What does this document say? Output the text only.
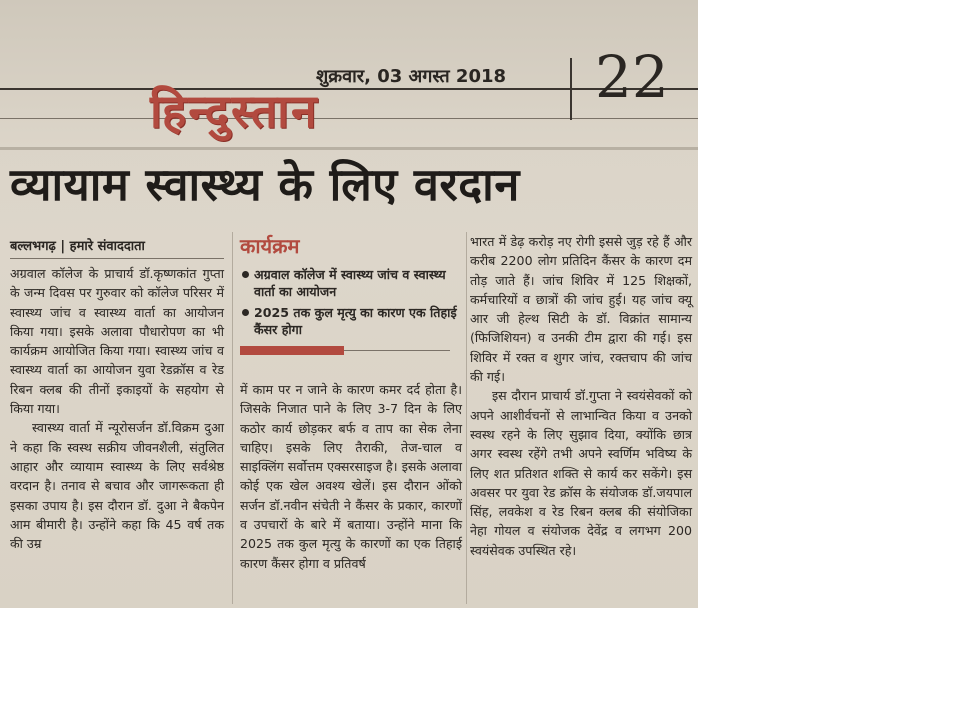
शुक्रवार, 03 अगस्त 2018 22
हिन्दुस्तान
व्यायाम स्वास्थ्य के लिए वरदान
बल्लभगढ़ | हमारे संवाददाता

अग्रवाल कॉलेज के प्राचार्य डॉ.कृष्णकांत गुप्ता के जन्म दिवस पर गुरुवार को कॉलेज परिसर में स्वास्थ्य जांच व स्वास्थ्य वार्ता का आयोजन किया गया। इसके अलावा पौधारोपण का भी कार्यक्रम आयोजित किया गया। स्वास्थ्य जांच व स्वास्थ्य वार्ता का आयोजन युवा रेडक्रॉस व रेड रिबन क्लब की तीनों इकाइयों के सहयोग से किया गया।

स्वास्थ्य वार्ता में न्यूरोसर्जन डॉ.विक्रम दुआ ने कहा कि स्वस्थ सक्रीय जीवनशैली, संतुलित आहार और व्यायाम स्वास्थ्य के लिए सर्वश्रेष्ठ वरदान है। तनाव से बचाव और जागरूकता ही इसका उपाय है। इस दौरान डॉ. दुआ ने बैकपेन आम बीमारी है। उन्होंने कहा कि 45 वर्ष तक की उम्र

कार्यक्रम
अग्रवाल कॉलेज में स्वास्थ्य जांच व स्वास्थ्य वार्ता का आयोजन
2025 तक कुल मृत्यु का कारण एक तिहाई कैंसर होगा

में काम पर न जाने के कारण कमर दर्द होता है। जिसके निजात पाने के लिए 3-7 दिन के लिए कठोर कार्य छोड़कर बर्फ व ताप का सेक लेना चाहिए। इसके लिए तैराकी, तेज-चाल व साइक्लिंग सर्वोत्तम एक्सरसाइज है। इसके अलावा कोई एक खेल अवश्य खेलें। इस दौरान ओंको सर्जन डॉ.नवीन संचेती ने कैंसर के प्रकार, कारणों व उपचारों के बारे में बताया। उन्होंने माना कि 2025 तक कुल मृत्यु के कारणों का एक तिहाई कारण कैंसर होगा व प्रतिवर्ष

भारत में डेढ़ करोड़ नए रोगी इससे जुड़ रहे हैं और करीब 2200 लोग प्रतिदिन कैंसर के कारण दम तोड़ जाते हैं। जांच शिविर में 125 शिक्षकों, कर्मचारियों व छात्रों की जांच हुई। यह जांच क्यू आर जी हेल्थ सिटी के डॉ. विक्रांत सामान्य (फिजिशियन) व उनकी टीम द्वारा की गई। इस शिविर में रक्त व शुगर जांच, रक्तचाप की जांच की गई।

इस दौरान प्राचार्य डॉ.गुप्ता ने स्वयंसेवकों को अपने आशीर्वचनों से लाभान्वित किया व उनको स्वस्थ रहने के लिए सुझाव दिया, क्योंकि छात्र अगर स्वस्थ रहेंगे तभी अपने स्वर्णिम भविष्य के लिए शत प्रतिशत शक्ति से कार्य कर सकेंगे। इस अवसर पर युवा रेड क्रॉस के संयोजक डॉ.जयपाल सिंह, लवकेश व रेड रिबन क्लब की संयोजिका नेहा गोयल व संयोजक देवेंद्र व लगभग 200 स्वयंसेवक उपस्थित रहे।
